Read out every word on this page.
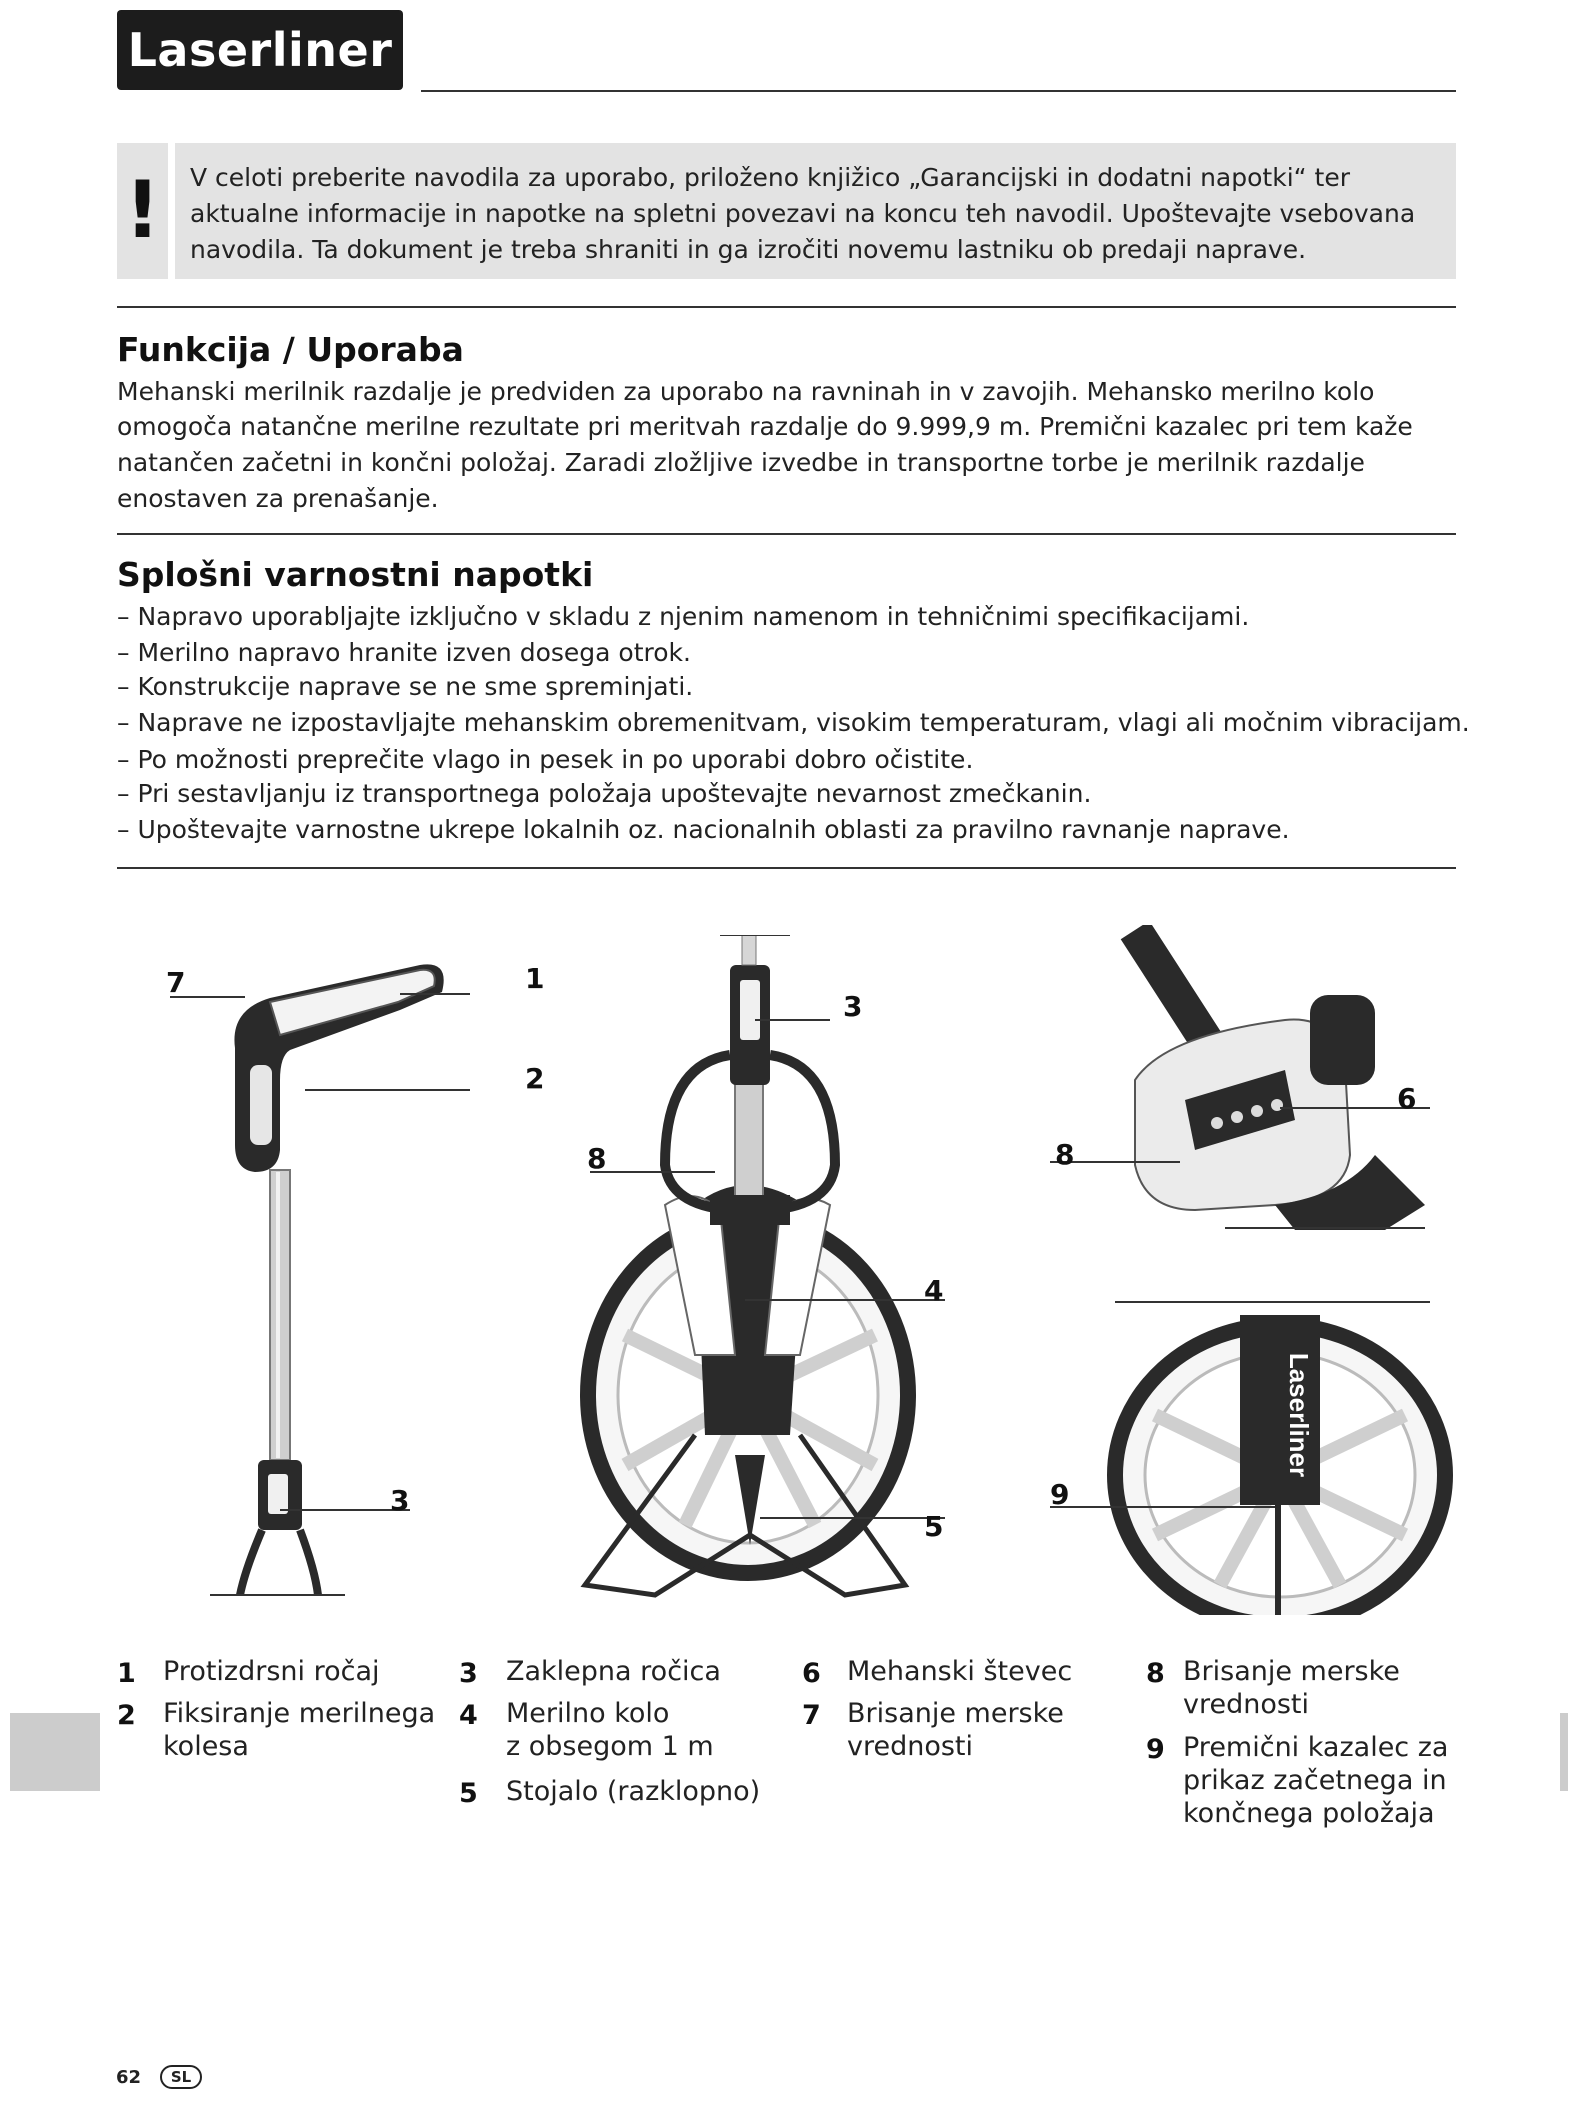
Laserliner
!	V celoti preberite navodila za uporabo, priloženo knjižico „Garancijski in dodatni napotki“ ter
aktualne informacije in napotke na spletni povezavi na koncu teh navodil. Upoštevajte vsebovana
navodila. Ta dokument je treba shraniti in ga izročiti novemu lastniku ob predaji naprave.
Funkcija / Uporaba
Mehanski merilnik razdalje je predviden za uporabo na ravninah in v zavojih. Mehansko merilno kolo
omogoča natančne merilne rezultate pri meritvah razdalje do 9.999,9 m. Premični kazalec pri tem kaže
natančen začetni in končni položaj. Zaradi zložljive izvedbe in transportne torbe je merilnik razdalje
enostaven za prenašanje.
Splošni varnostni napotki
– Napravo uporabljajte izključno v skladu z njenim namenom in tehničnimi specifikacijami.
– Merilno napravo hranite izven dosega otrok.
– Konstrukcije naprave se ne sme spreminjati.
– Naprave ne izpostavljajte mehanskim obremenitvam, visokim temperaturam, vlagi ali močnim vibracijam.
– Po možnosti preprečite vlago in pesek in po uporabi dobro očistite.
– Pri sestavljanju iz transportnega položaja upoštevajte nevarnost zmečkanin.
– Upoštevajte varnostne ukrepe lokalnih oz. nacionalnih oblasti za pravilno ravnanje naprave.
7	1
2
3
3
8
4
5
6
8
Laserliner
9
1 Protizdrsni ročaj
2 Fiksiranje merilnega
kolesa
3 Zaklepna ročica
4 Merilno kolo
z obsegom 1 m
5 Stojalo (razklopno)
6 Mehanski števec
7 Brisanje merske
vrednosti
8 Brisanje merske
vrednosti
9 Premični kazalec za
prikaz začetnega in
končnega položaja
62	SL
